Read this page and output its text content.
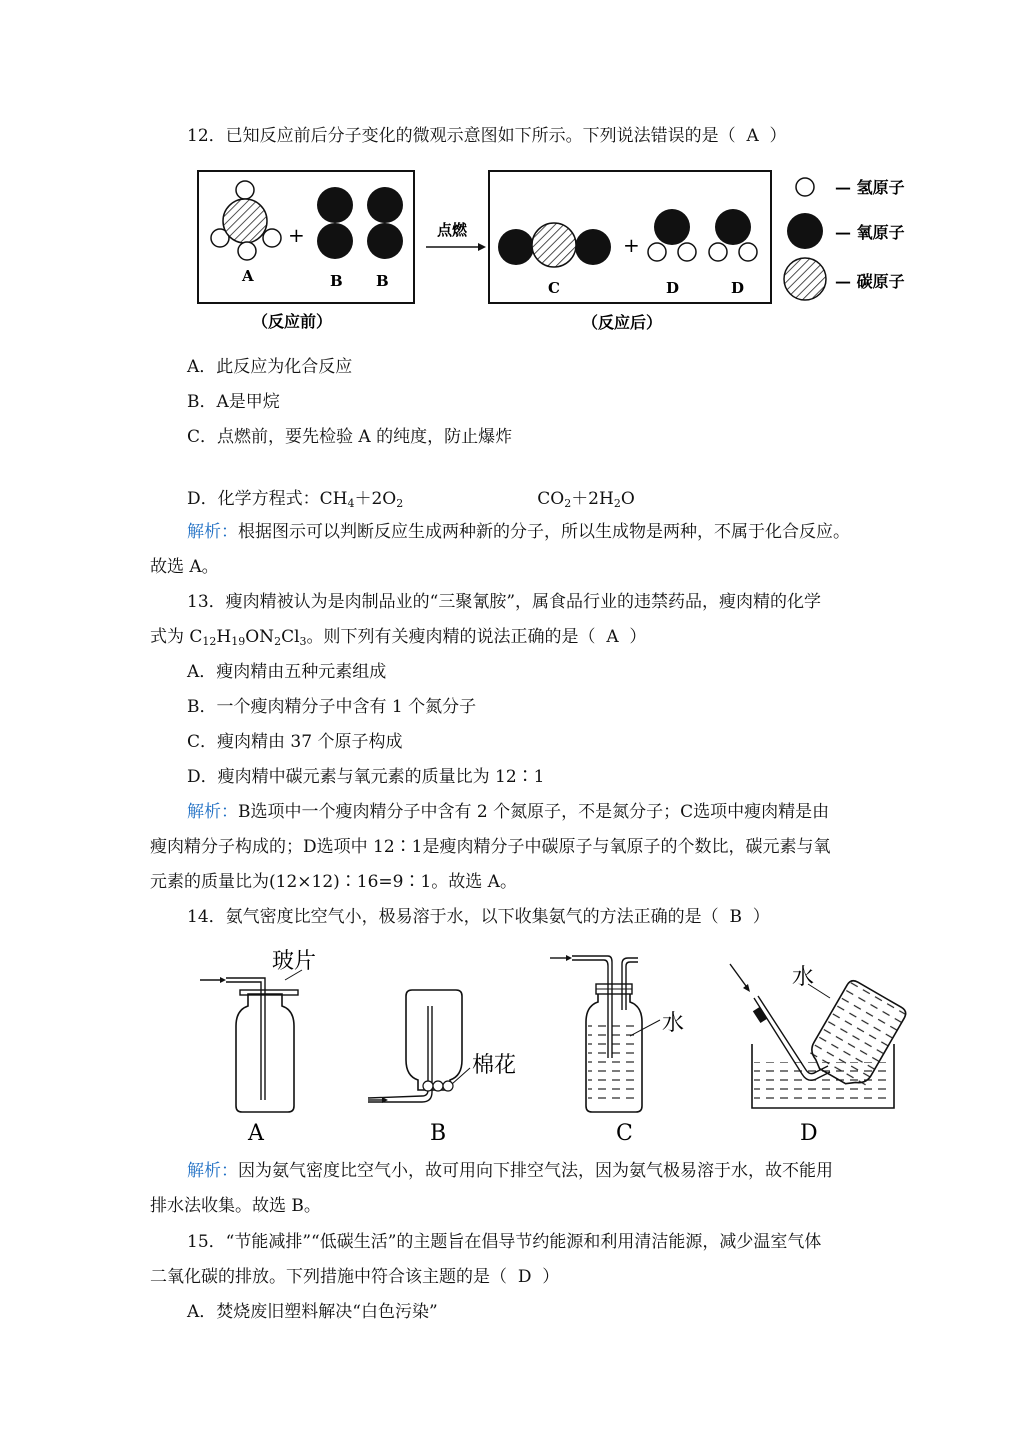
12．已知反应前后分子变化的微观示意图如下所示。下列说法错误的是（ A ）
A
+
B B
（反应前）
点燃
C
+
D	D
（反应后）
— 氢原子
— 氧原子
— 碳原子
A．此反应为化合反应
B．A是甲烷
C．点燃前，要先检验 A 的纯度，防止爆炸
D．化学方程式：$CH_4+2O_2$	$CO_2+2H_2O$
解析：根据图示可以判断反应生成两种新的分子，所以生成物是两种，不属于化合反应。
故选 A。
13．瘦肉精被认为是肉制品业的“三聚氰胺”，属食品行业的违禁药品，瘦肉精的化学
式为 $C_{12}H_{19}ON_2Cl_3$。则下列有关瘦肉精的说法正确的是（ A ）
A．瘦肉精由五种元素组成
B．一个瘦肉精分子中含有 1 个氮分子
C．瘦肉精由 37 个原子构成
D．瘦肉精中碳元素与氧元素的质量比为 12∶1
解析：B选项中一个瘦肉精分子中含有 2 个氮原子，不是氮分子；C选项中瘦肉精是由
瘦肉精分子构成的；D选项中 12∶1是瘦肉精分子中碳原子与氧原子的个数比，碳元素与氧
元素的质量比为(12×12)∶16=9∶1。故选 A。
14．氨气密度比空气小，极易溶于水，以下收集氨气的方法正确的是（ B ）
玻片
A
棉花
B
水
C
水
D
解析：因为氨气密度比空气小，故可用向下排空气法，因为氨气极易溶于水，故不能用
排水法收集。故选 B。
15．“节能减排”“低碳生活”的主题旨在倡导节约能源和利用清洁能源，减少温室气体
二氧化碳的排放。下列措施中符合该主题的是（ D ）
A．焚烧废旧塑料解决“白色污染”
